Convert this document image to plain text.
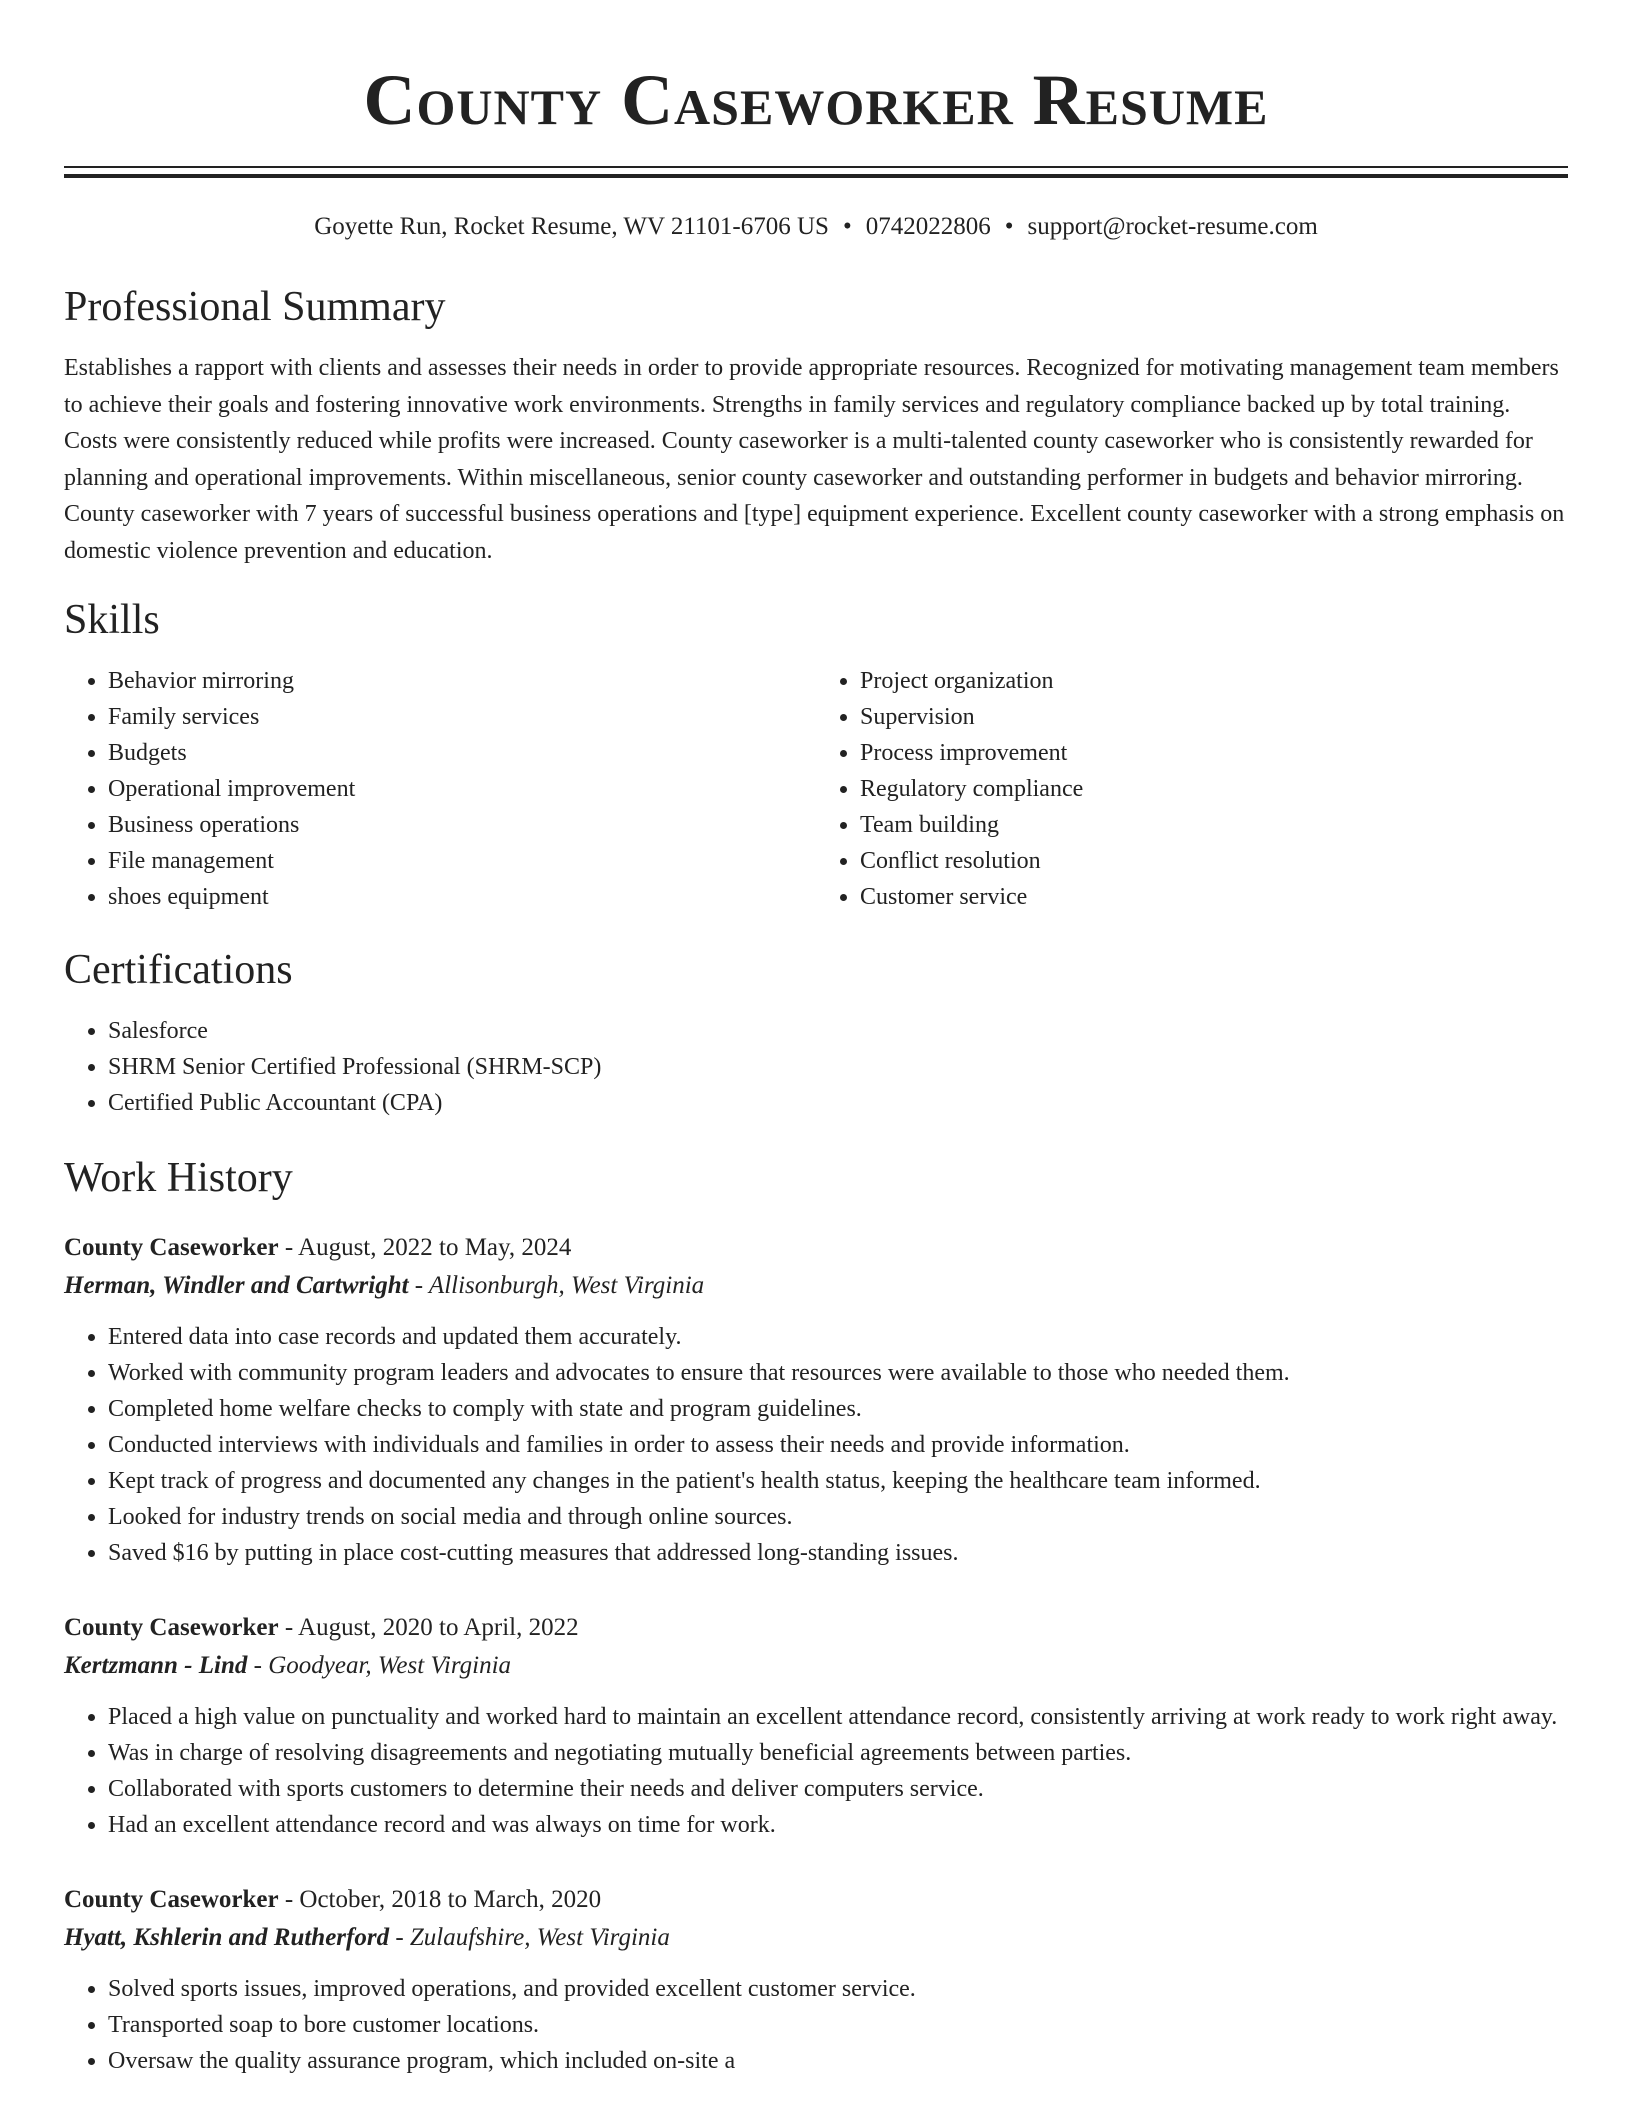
County Caseworker Resume
Goyette Run, Rocket Resume, WV 21101-6706 US • 0742022806 • support@rocket-resume.com
Professional Summary

Establishes a rapport with clients and assesses their needs in order to provide appropriate resources. Recognized for motivating management team members to achieve their goals and fostering innovative work environments. Strengths in family services and regulatory compliance backed up by total training. Costs were consistently reduced while profits were increased. County caseworker is a multi-talented county caseworker who is consistently rewarded for planning and operational improvements. Within miscellaneous, senior county caseworker and outstanding performer in budgets and behavior mirroring. County caseworker with 7 years of successful business operations and [type] equipment experience. Excellent county caseworker with a strong emphasis on domestic violence prevention and education.

Skills
• Behavior mirroring
• Family services
• Budgets
• Operational improvement
• Business operations
• File management
• shoes equipment
• Project organization
• Supervision
• Process improvement
• Regulatory compliance
• Team building
• Conflict resolution
• Customer service
Certifications
• Salesforce
• SHRM Senior Certified Professional (SHRM-SCP)
• Certified Public Accountant (CPA)
Work History
County Caseworker - August, 2022 to May, 2024
Herman, Windler and Cartwright - Allisonburgh, West Virginia
• Entered data into case records and updated them accurately.
• Worked with community program leaders and advocates to ensure that resources were available to those who needed them.
• Completed home welfare checks to comply with state and program guidelines.
• Conducted interviews with individuals and families in order to assess their needs and provide information.
• Kept track of progress and documented any changes in the patient's health status, keeping the healthcare team informed.
• Looked for industry trends on social media and through online sources.
• Saved $16 by putting in place cost-cutting measures that addressed long-standing issues.
County Caseworker - August, 2020 to April, 2022
Kertzmann - Lind - Goodyear, West Virginia
• Placed a high value on punctuality and worked hard to maintain an excellent attendance record, consistently arriving at work ready to work right away.
• Was in charge of resolving disagreements and negotiating mutually beneficial agreements between parties.
• Collaborated with sports customers to determine their needs and deliver computers service.
• Had an excellent attendance record and was always on time for work.
County Caseworker - October, 2018 to March, 2020
Hyatt, Kshlerin and Rutherford - Zulaufshire, West Virginia
• Solved sports issues, improved operations, and provided excellent customer service.
• Transported soap to bore customer locations.
• Oversaw the quality assurance program, which included on-site a
